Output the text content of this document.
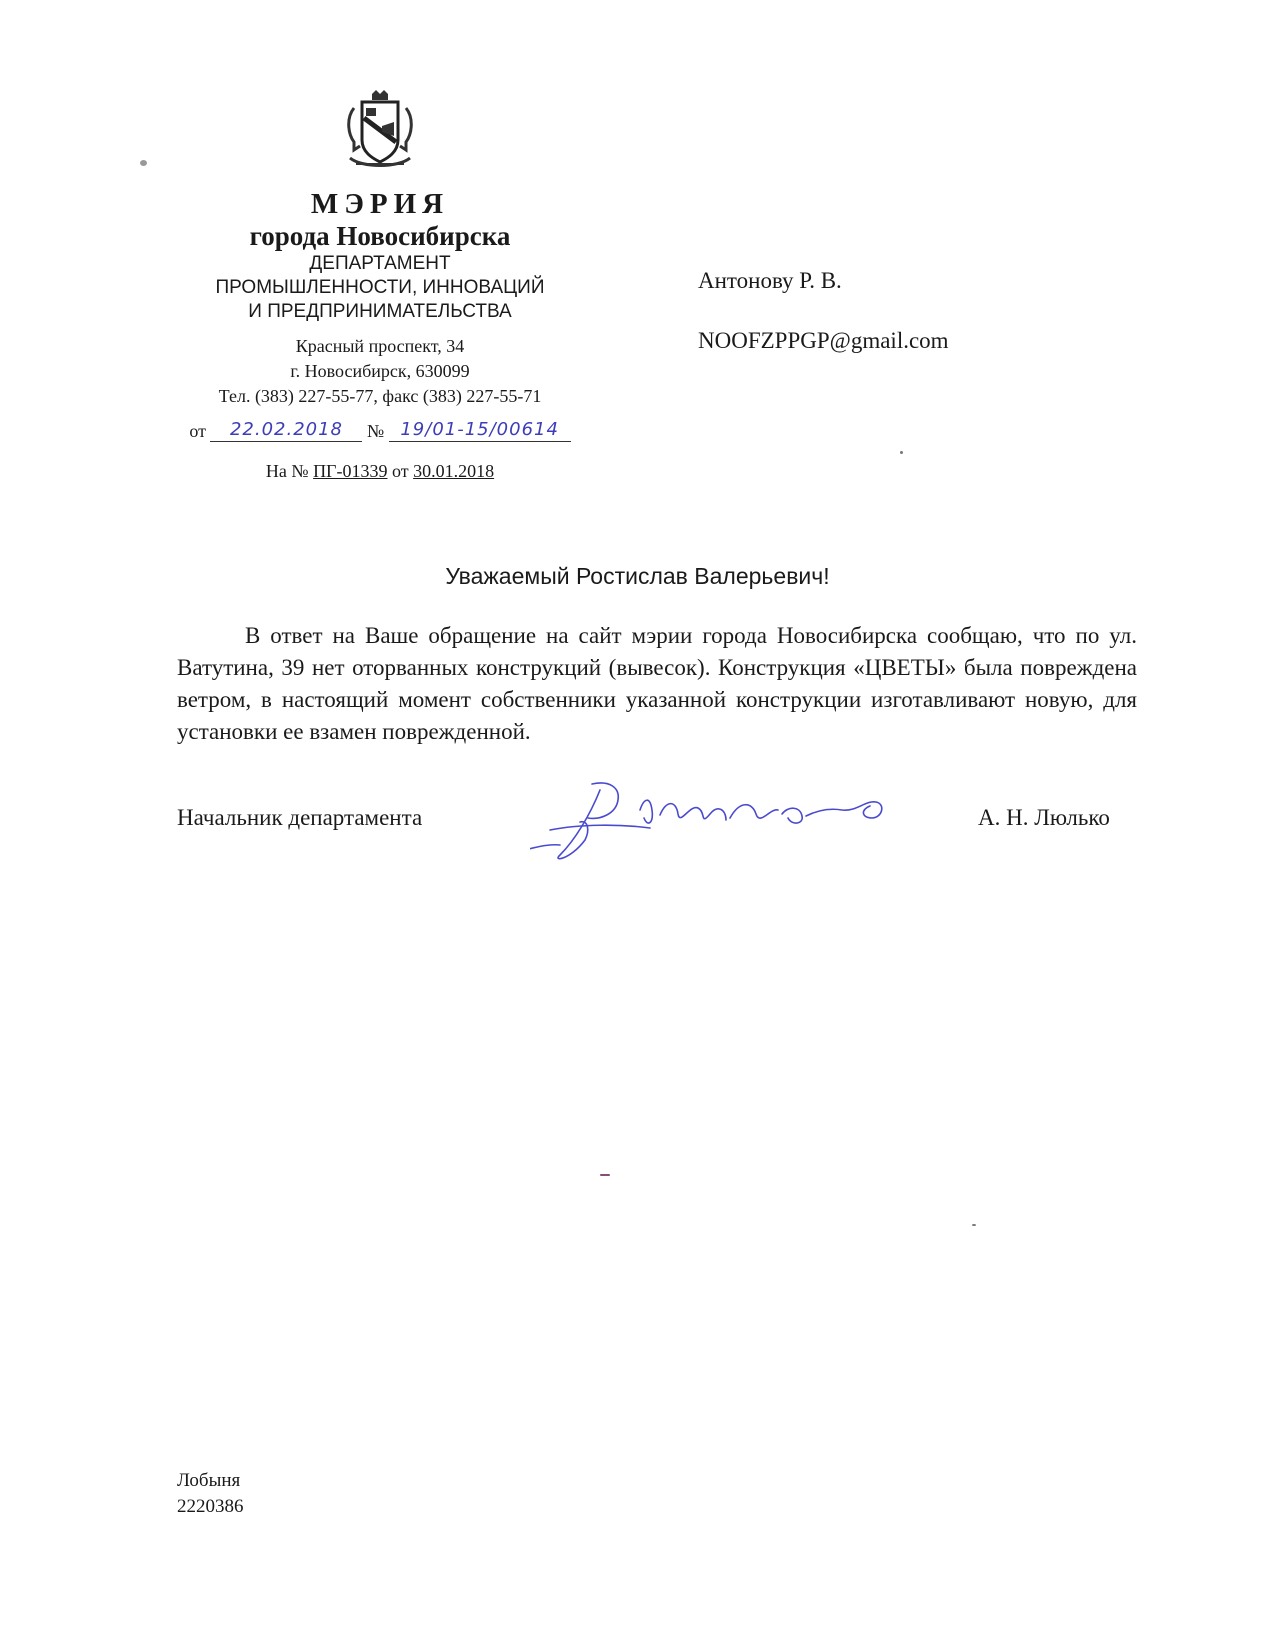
МЭРИЯ
города Новосибирска
ДЕПАРТАМЕНТ
ПРОМЫШЛЕННОСТИ, ИННОВАЦИЙ
И ПРЕДПРИНИМАТЕЛЬСТВА
Красный проспект, 34
г. Новосибирск, 630099
Тел. (383) 227-55-77, факс (383) 227-55-71
от 22.02.2018 № 19/01-15/00614
На № ПГ-01339 от 30.01.2018
Антонову Р. В.
NOOFZPPGP@gmail.com
Уважаемый Ростислав Валерьевич!
В ответ на Ваше обращение на сайт мэрии города Новосибирска сообщаю, что по ул. Ватутина, 39 нет оторванных конструкций (вывесок). Конструкция «ЦВЕТЫ» была повреждена ветром, в настоящий момент собственники указанной конструкции изготавливают новую, для установки ее взамен поврежденной.
Начальник департамента	А. Н. Люлько
Лобыня
2220386
